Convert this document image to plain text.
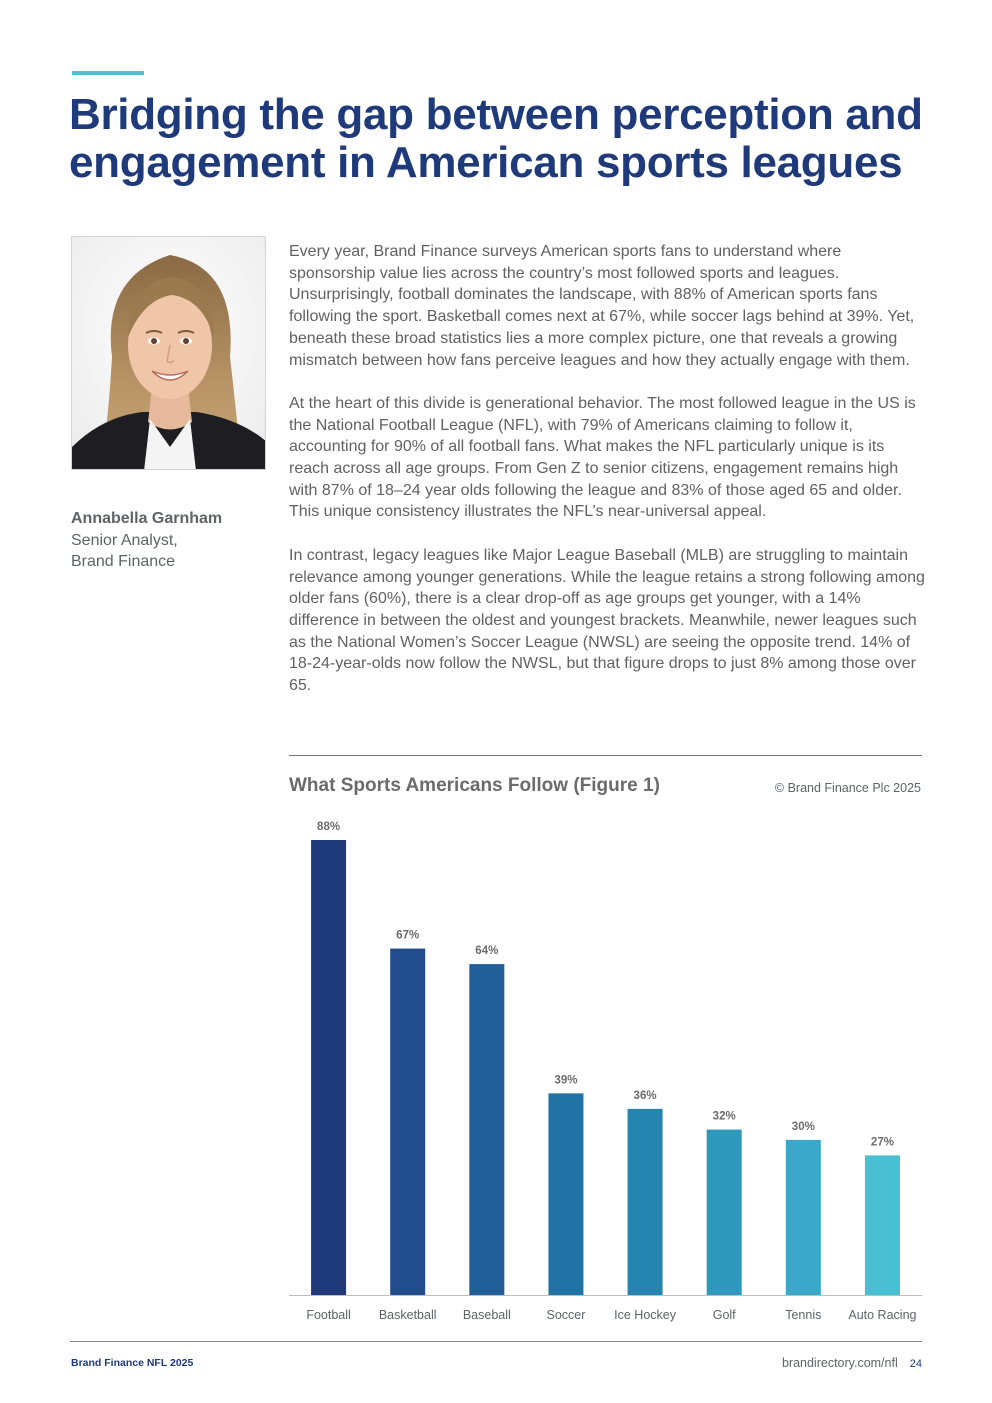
Bridging the gap between perception and engagement in American sports leagues
Annabella Garnham
Senior Analyst,
Brand Finance

Every year, Brand Finance surveys American sports fans to understand where sponsorship value lies across the country’s most followed sports and leagues. Unsurprisingly, football dominates the landscape, with 88% of American sports fans following the sport. Basketball comes next at 67%, while soccer lags behind at 39%. Yet, beneath these broad statistics lies a more complex picture, one that reveals a growing mismatch between how fans perceive leagues and how they actually engage with them.

At the heart of this divide is generational behavior. The most followed league in the US is the National Football League (NFL), with 79% of Americans claiming to follow it, accounting for 90% of all football fans. What makes the NFL particularly unique is its reach across all age groups. From Gen Z to senior citizens, engagement remains high with 87% of 18–24 year olds following the league and 83% of those aged 65 and older. This unique consistency illustrates the NFL’s near-universal appeal.

In contrast, legacy leagues like Major League Baseball (MLB) are struggling to maintain relevance among younger generations. While the league retains a strong following among older fans (60%), there is a clear drop-off as age groups get younger, with a 14% difference in between the oldest and youngest brackets. Meanwhile, newer leagues such as the National Women’s Soccer League (NWSL) are seeing the opposite trend. 14% of 18-24-year-olds now follow the NWSL, but that figure drops to just 8% among those over 65.

What Sports Americans Follow (Figure 1)	© Brand Finance Plc 2025
88%
Football
67%
Basketball
64%
Baseball
39%
Soccer
36%
Ice Hockey
32%
Golf
30%
Tennis
27%
Auto Racing
Brand Finance NFL 2025	brandirectory.com/nfl 24
